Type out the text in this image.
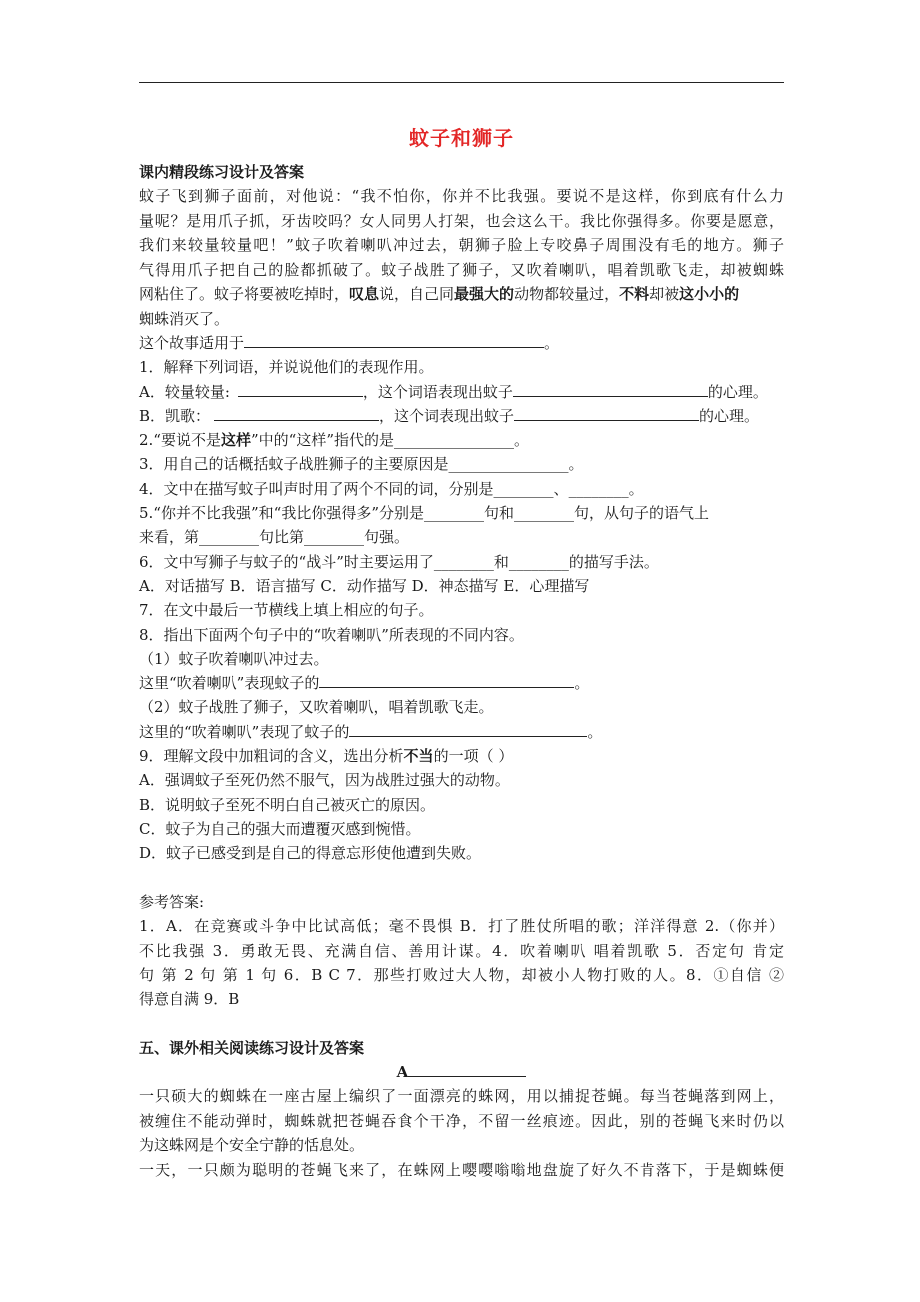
蚊子和狮子
课内精段练习设计及答案
蚊子飞到狮子面前，对他说：“我不怕你，你并不比我强。要说不是这样，你到底有什么力
量呢？是用爪子抓，牙齿咬吗？女人同男人打架，也会这么干。我比你强得多。你要是愿意，
我们来较量较量吧！”蚊子吹着喇叭冲过去，朝狮子脸上专咬鼻子周围没有毛的地方。狮子
气得用爪子把自己的脸都抓破了。蚊子战胜了狮子，又吹着喇叭，唱着凯歌飞走，却被蜘蛛
网粘住了。蚊子将要被吃掉时，叹息说，自己同最强大的动物都较量过，不料却被这小小的
蜘蛛消灭了。
这个故事适用于	。
1．解释下列词语，并说说他们的表现作用。
A．较量较量:	，这个词语表现出蚊子	的心理。
B．凯歌：	，这个词表现出蚊子	的心理。
2.“要说不是这样”中的“这样”指代的是________________。
3．用自己的话概括蚊子战胜狮子的主要原因是________________。
4．文中在描写蚊子叫声时用了两个不同的词，分别是________、________。
5.“你并不比我强”和“我比你强得多”分别是________句和________句，从句子的语气上
来看，第________句比第________句强。
6．文中写狮子与蚊子的“战斗”时主要运用了________和________的描写手法。
A．对话描写 B．语言描写 C．动作描写 D．神态描写 E．心理描写
7．在文中最后一节横线上填上相应的句子。
8．指出下面两个句子中的“吹着喇叭”所表现的不同内容。
（1）蚊子吹着喇叭冲过去。
这里“吹着喇叭”表现蚊子的	。
（2）蚊子战胜了狮子，又吹着喇叭，唱着凯歌飞走。
这里的“吹着喇叭”表现了蚊子的	。
9．理解文段中加粗词的含义，选出分析不当的一项（ ）
A．强调蚊子至死仍然不服气，因为战胜过强大的动物。
B．说明蚊子至死不明白自己被灭亡的原因。
C．蚊子为自己的强大而遭覆灭感到惋惜。
D．蚊子已感受到是自己的得意忘形使他遭到失败。
参考答案:
1．A．在竞赛或斗争中比试高低；毫不畏惧 B．打了胜仗所唱的歌；洋洋得意 2.（你并）
不比我强 3．勇敢无畏、充满自信、善用计谋。4．吹着喇叭 唱着凯歌 5．否定句 肯定
句 第 2 句 第 1 句 6．B C 7．那些打败过大人物，却被小人物打败的人。8．①自信 ②
得意自满 9．B
五、课外相关阅读练习设计及答案
A
一只硕大的蜘蛛在一座古屋上编织了一面漂亮的蛛网，用以捕捉苍蝇。每当苍蝇落到网上，
被缠住不能动弹时，蜘蛛就把苍蝇吞食个干净，不留一丝痕迹。因此，别的苍蝇飞来时仍以
为这蛛网是个安全宁静的恬息处。
一天，一只颇为聪明的苍蝇飞来了，在蛛网上嘤嘤嗡嗡地盘旋了好久不肯落下，于是蜘蛛便
